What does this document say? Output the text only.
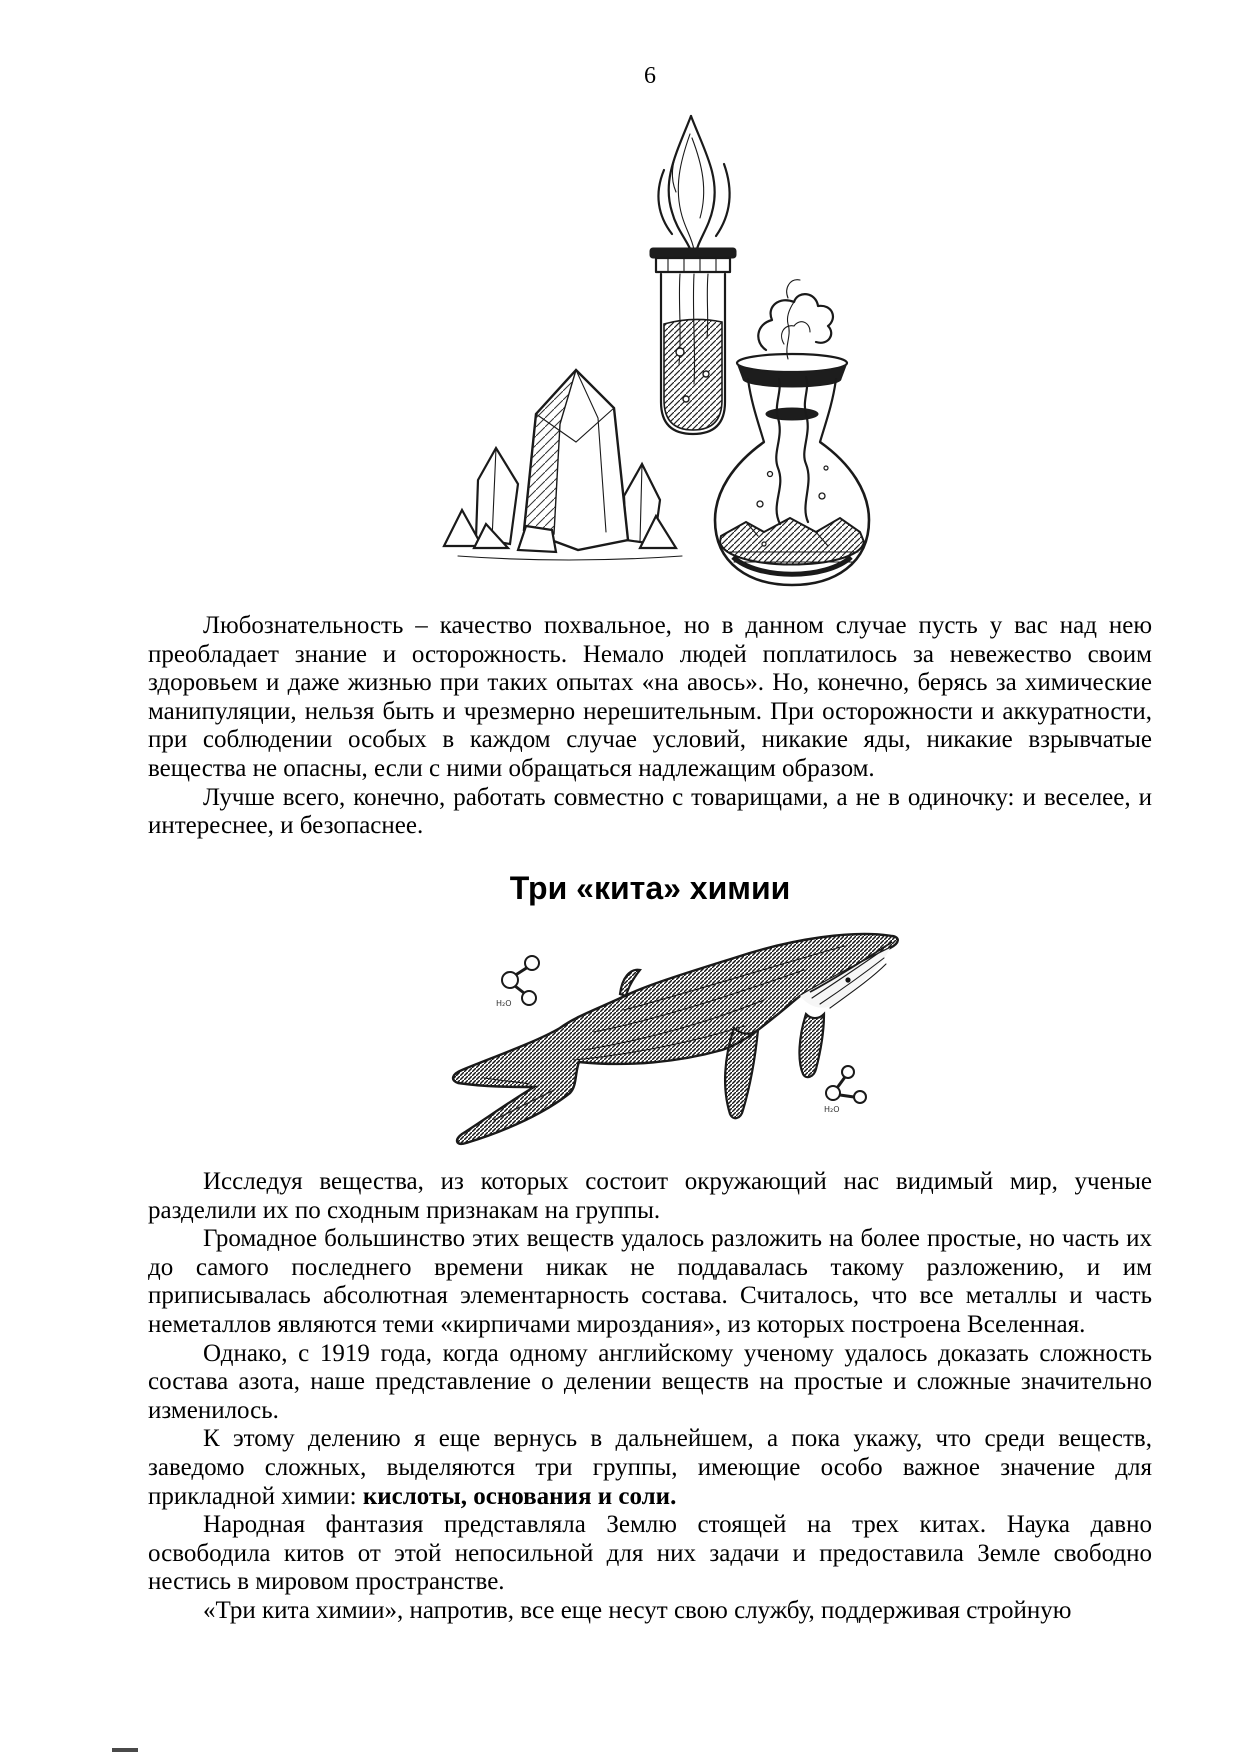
6

Любознательность – качество похвальное, но в данном случае пусть у вас над нею преобладает знание и осторожность. Немало людей поплатилось за невежество своим здоровьем и даже жизнью при таких опытах «на авось». Но, конечно, берясь за химические манипуляции, нельзя быть и чрезмерно нерешительным. При осторожности и аккуратности, при соблюдении особых в каждом случае условий, никакие яды, никакие взрывчатые вещества не опасны, если с ними обращаться надлежащим образом.

Лучше всего, конечно, работать совместно с товарищами, а не в одиночку: и веселее, и интереснее, и безопаснее.

Три «кита» химии
H₂O
H₂O

Исследуя вещества, из которых состоит окружающий нас видимый мир, ученые разделили их по сходным признакам на группы.

Громадное большинство этих веществ удалось разложить на более простые, но часть их до самого последнего времени никак не поддавалась такому разложению, и им приписывалась абсолютная элементарность состава. Считалось, что все металлы и часть неметаллов являются теми «кирпичами мироздания», из которых построена Вселенная.

Однако, с 1919 года, когда одному английскому ученому удалось доказать сложность состава азота, наше представление о делении веществ на простые и сложные значительно изменилось.

К этому делению я еще вернусь в дальнейшем, а пока укажу, что среди веществ, заведомо сложных, выделяются три группы, имеющие особо важное значение для прикладной химии: кислоты, основания и соли.

Народная фантазия представляла Землю стоящей на трех китах. Наука давно освободила китов от этой непосильной для них задачи и предоставила Земле свободно нестись в мировом пространстве.

«Три кита химии», напротив, все еще несут свою службу, поддерживая стройную
